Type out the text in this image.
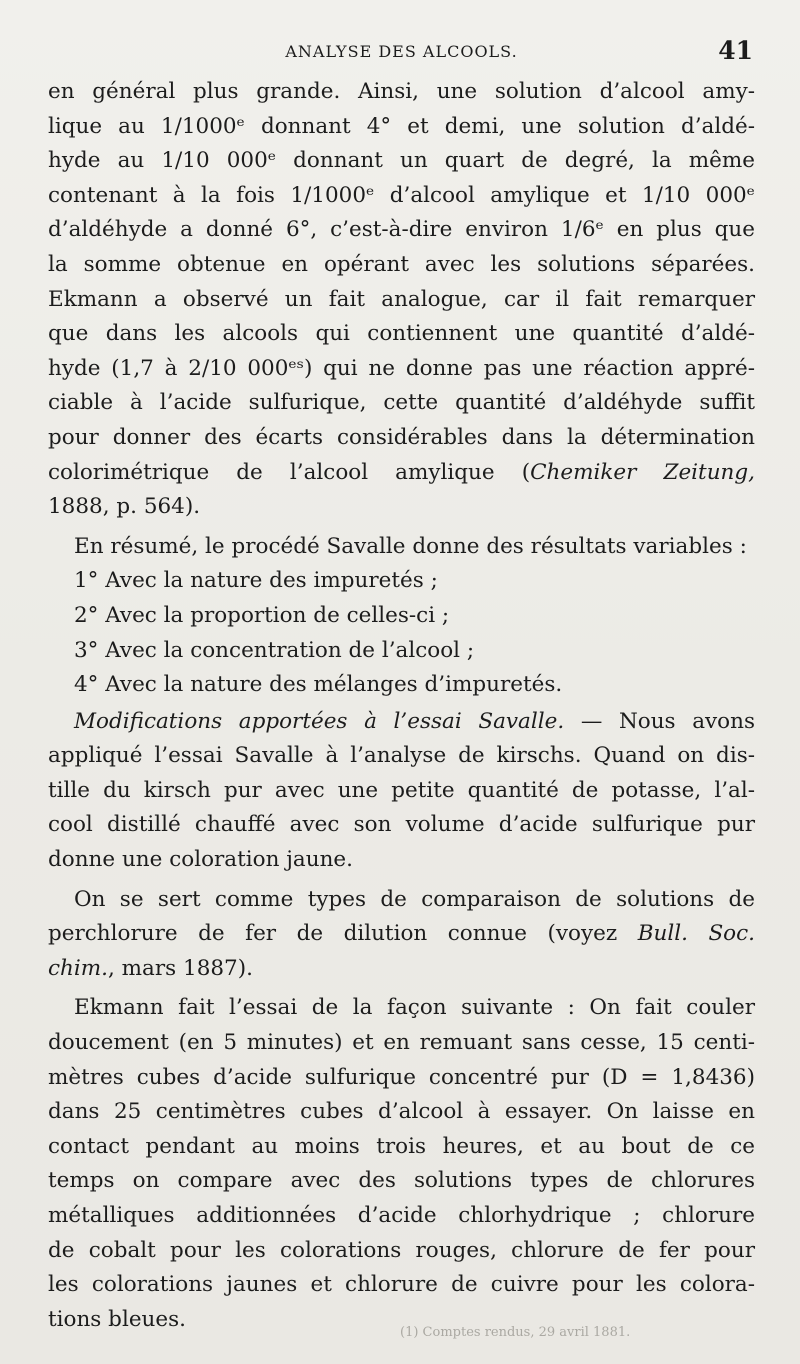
ANALYSE DES ALCOOLS.	41
en général plus grande. Ainsi, une solution d’alcool amy-
lique au 1/1000ᵉ donnant 4° et demi, une solution d’aldé-
hyde au 1/10 000ᵉ donnant un quart de degré, la même
contenant à la fois 1/1000ᵉ d’alcool amylique et 1/10 000ᵉ
d’aldéhyde a donné 6°, c’est-à-dire environ 1/6ᵉ en plus que
la somme obtenue en opérant avec les solutions séparées.
Ekmann a observé un fait analogue, car il fait remarquer
que dans les alcools qui contiennent une quantité d’aldé-
hyde (1,7 à 2/10 000ᵉˢ) qui ne donne pas une réaction appré-
ciable à l’acide sulfurique, cette quantité d’aldéhyde suffit
pour donner des écarts considérables dans la détermination
colorimétrique de l’alcool amylique (Chemiker Zeitung,
1888, p. 564).
En résumé, le procédé Savalle donne des résultats variables :
1° Avec la nature des impuretés ;
2° Avec la proportion de celles-ci ;
3° Avec la concentration de l’alcool ;
4° Avec la nature des mélanges d’impuretés.
Modifications apportées à l’essai Savalle. — Nous avons
appliqué l’essai Savalle à l’analyse de kirschs. Quand on dis-
tille du kirsch pur avec une petite quantité de potasse, l’al-
cool distillé chauffé avec son volume d’acide sulfurique pur
donne une coloration jaune.
On se sert comme types de comparaison de solutions de
perchlorure de fer de dilution connue (voyez Bull. Soc.
chim., mars 1887).
Ekmann fait l’essai de la façon suivante : On fait couler
doucement (en 5 minutes) et en remuant sans cesse, 15 centi-
mètres cubes d’acide sulfurique concentré pur (D = 1,8436)
dans 25 centimètres cubes d’alcool à essayer. On laisse en
contact pendant au moins trois heures, et au bout de ce
temps on compare avec des solutions types de chlorures
métalliques additionnées d’acide chlorhydrique ; chlorure
de cobalt pour les colorations rouges, chlorure de fer pour
les colorations jaunes et chlorure de cuivre pour les colora-
tions bleues.
(1) Comptes rendus, 29 avril 1881.
